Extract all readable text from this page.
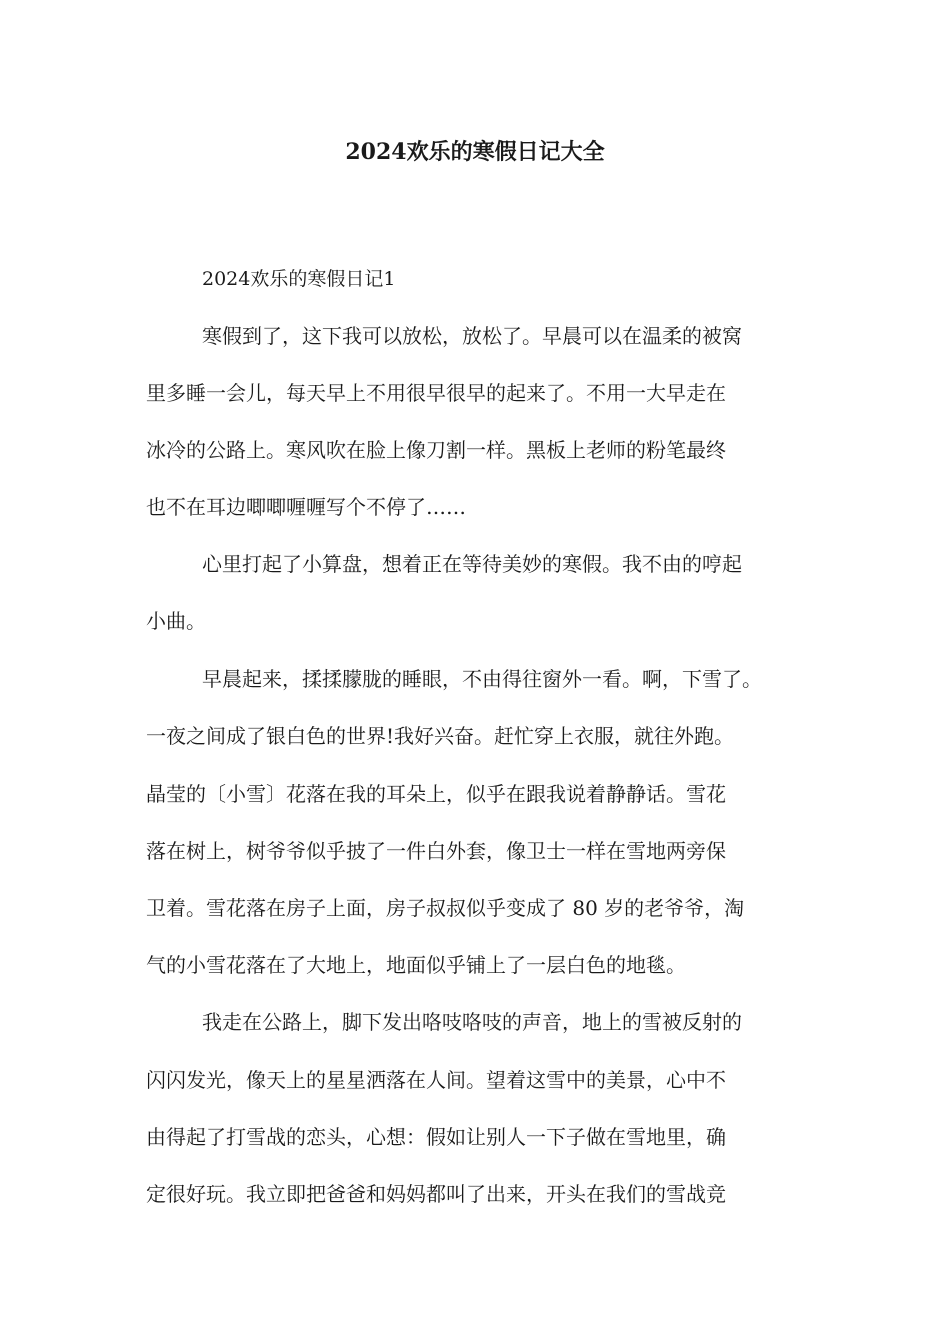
2024欢乐的寒假日记大全

2024欢乐的寒假日记1

寒假到了，这下我可以放松，放松了。早晨可以在温柔的被窝

里多睡一会儿，每天早上不用很早很早的起来了。不用一大早走在

冰冷的公路上。寒风吹在脸上像刀割一样。黑板上老师的粉笔最终

也不在耳边唧唧喱喱写个不停了……

心里打起了小算盘，想着正在等待美妙的寒假。我不由的哼起

小曲。

早晨起来，揉揉朦胧的睡眼，不由得往窗外一看。啊，下雪了。

一夜之间成了银白色的世界!我好兴奋。赶忙穿上衣服，就往外跑。

晶莹的〔小雪〕花落在我的耳朵上，似乎在跟我说着静静话。雪花

落在树上，树爷爷似乎披了一件白外套，像卫士一样在雪地两旁保

卫着。雪花落在房子上面，房子叔叔似乎变成了 80 岁的老爷爷，淘

气的小雪花落在了大地上，地面似乎铺上了一层白色的地毯。

我走在公路上，脚下发出咯吱咯吱的声音，地上的雪被反射的

闪闪发光，像天上的星星洒落在人间。望着这雪中的美景，心中不

由得起了打雪战的恋头，心想：假如让别人一下子做在雪地里，确

定很好玩。我立即把爸爸和妈妈都叫了出来，开头在我们的雪战竞
